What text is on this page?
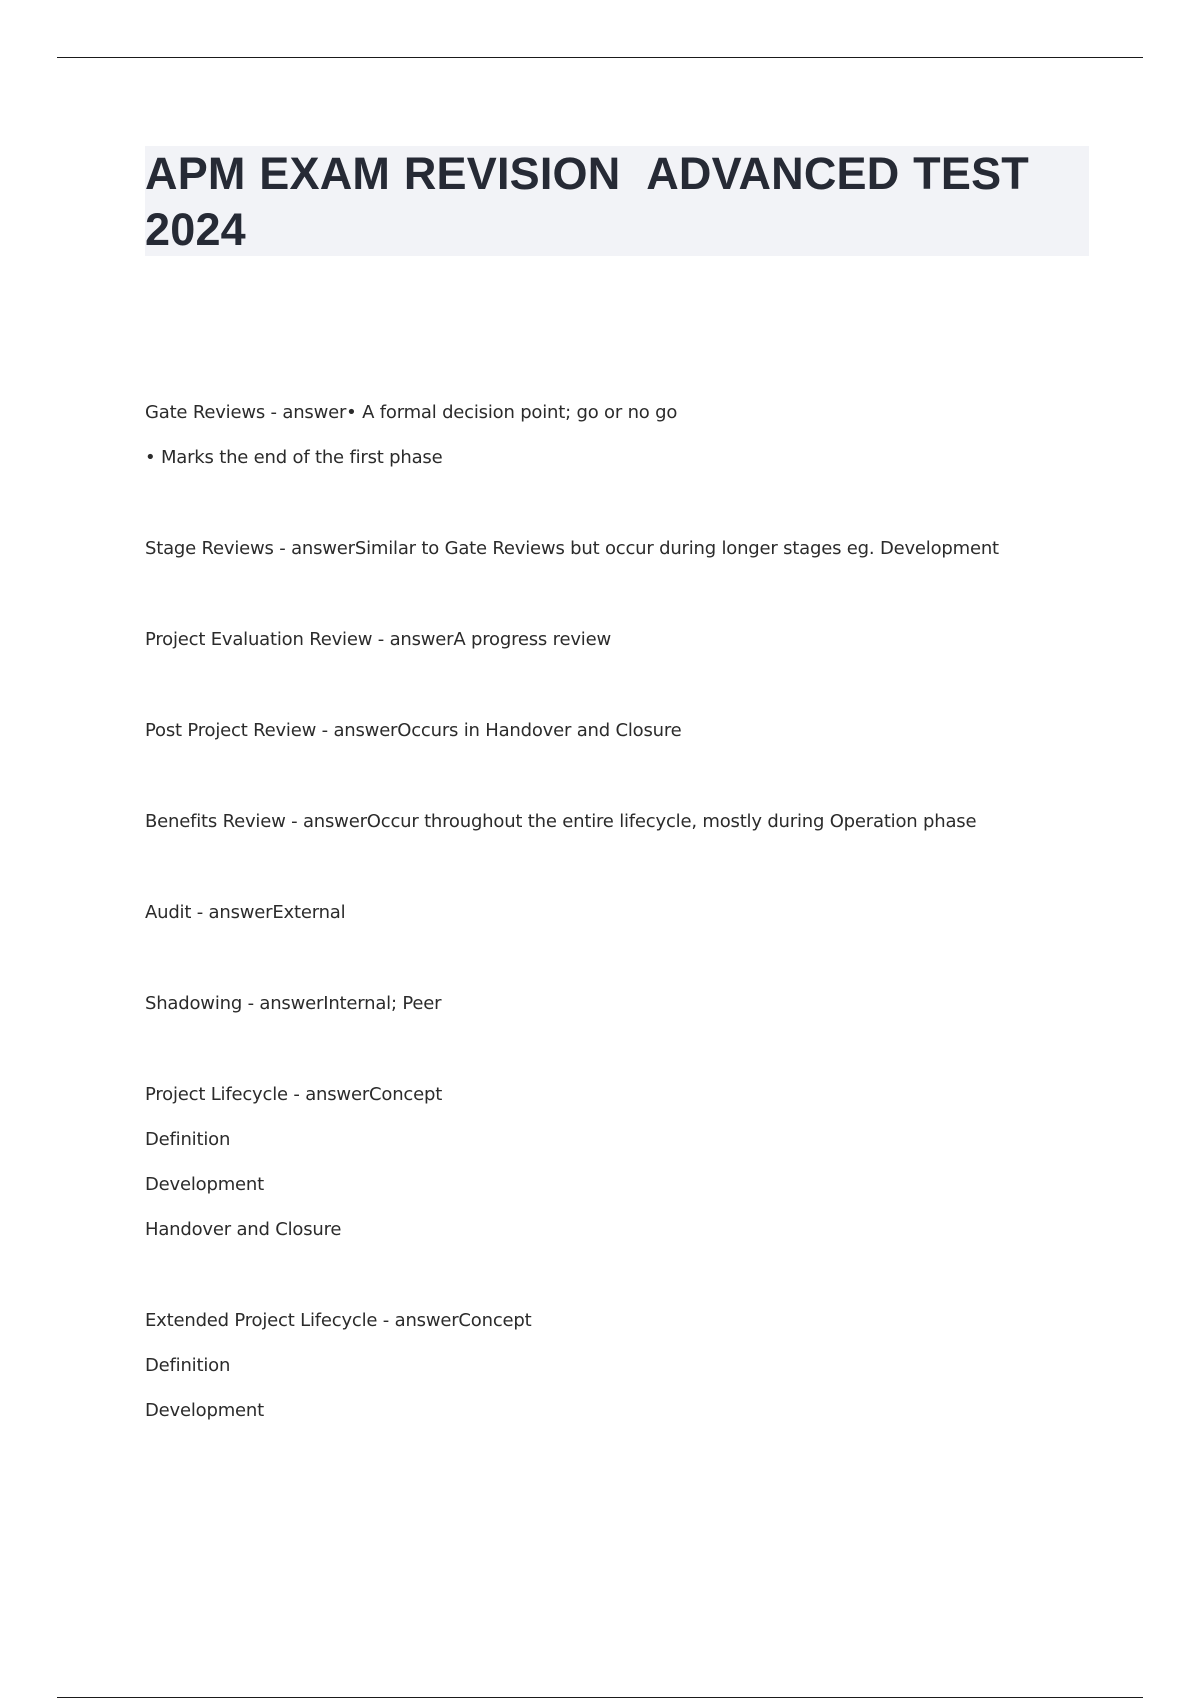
APM EXAM REVISION  ADVANCED TEST 2024
Gate Reviews - answer• A formal decision point; go or no go
• Marks the end of the first phase
Stage Reviews - answerSimilar to Gate Reviews but occur during longer stages eg. Development
Project Evaluation Review - answerA progress review
Post Project Review - answerOccurs in Handover and Closure
Benefits Review - answerOccur throughout the entire lifecycle, mostly during Operation phase
Audit - answerExternal
Shadowing - answerInternal; Peer
Project Lifecycle - answerConcept
Definition
Development
Handover and Closure
Extended Project Lifecycle - answerConcept
Definition
Development
